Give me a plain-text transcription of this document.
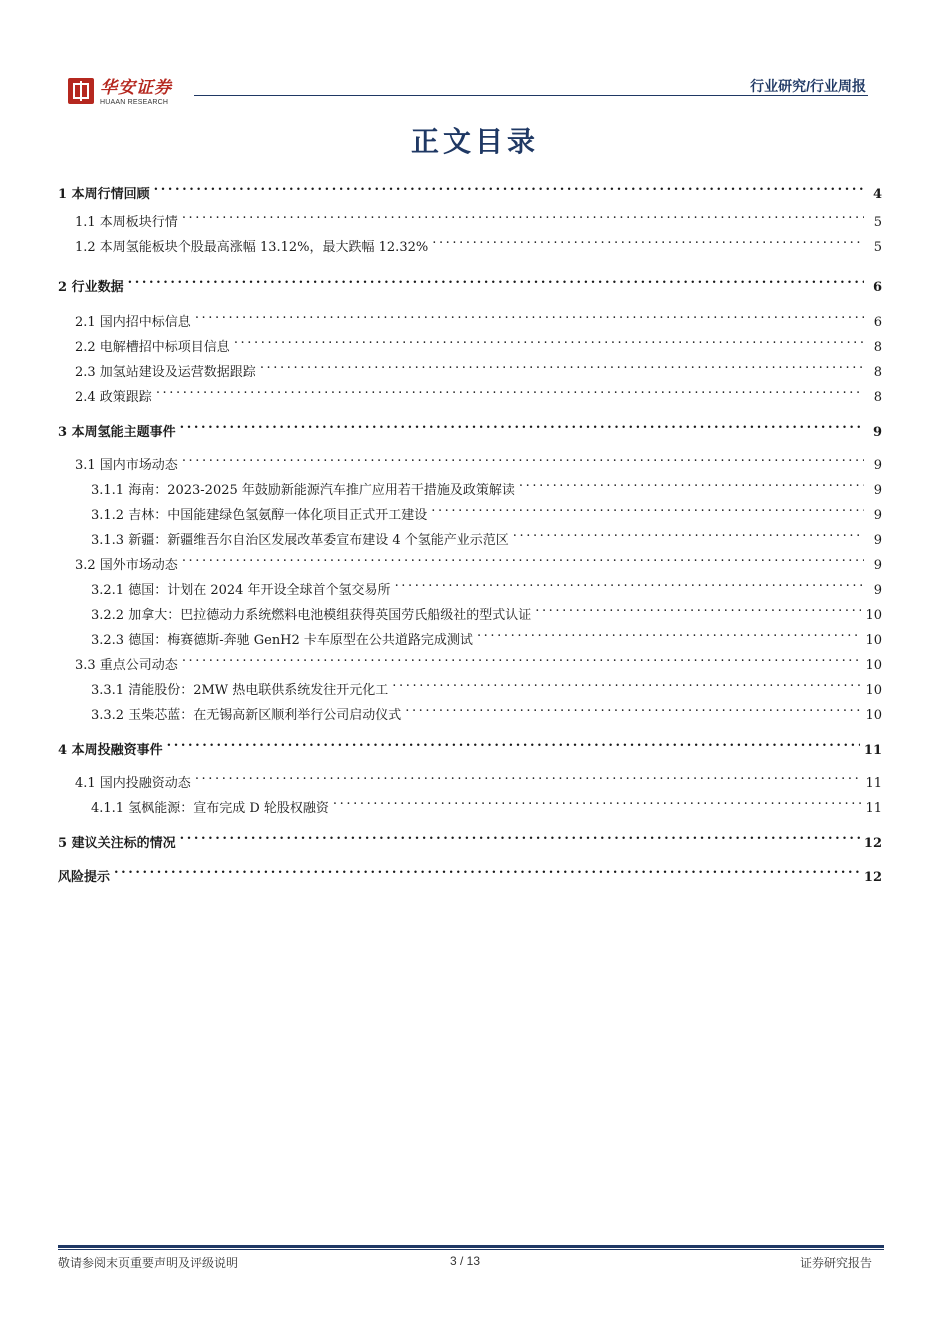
华安证券
HUAAN RESEARCH
行业研究/行业周报
正文目录
1 本周行情回顾 .....	4
1.1 本周板块行情 .....	5
1.2 本周氢能板块个股最高涨幅 13.12%，最大跌幅 12.32% .....	5
2 行业数据 .....	6
2.1 国内招中标信息 .....	6
2.2 电解槽招中标项目信息 .....	8
2.3 加氢站建设及运营数据跟踪 .....	8
2.4 政策跟踪 .....	8
3 本周氢能主题事件 .....	9
3.1 国内市场动态 .....	9
3.1.1 海南：2023-2025 年鼓励新能源汽车推广应用若干措施及政策解读 .....	9
3.1.2 吉林：中国能建绿色氢氨醇一体化项目正式开工建设 .....	9
3.1.3 新疆：新疆维吾尔自治区发展改革委宣布建设 4 个氢能产业示范区 .....	9
3.2 国外市场动态 .....	9
3.2.1 德国：计划在 2024 年开设全球首个氢交易所 .....	9
3.2.2 加拿大：巴拉德动力系统燃料电池模组获得英国劳氏船级社的型式认证 .....	10
3.2.3 德国：梅赛德斯-奔驰 GenH2 卡车原型在公共道路完成测试 .....	10
3.3 重点公司动态 .....	10
3.3.1 清能股份：2MW 热电联供系统发往开元化工 .....	10
3.3.2 玉柴芯蓝：在无锡高新区顺利举行公司启动仪式 .....	10
4 本周投融资事件 .....	11
4.1 国内投融资动态 .....	11
4.1.1 氢枫能源：宣布完成 D 轮股权融资 .....	11
5 建议关注标的情况 .....	12
风险提示 .....	12
敬请参阅末页重要声明及评级说明	3 / 13	证券研究报告
